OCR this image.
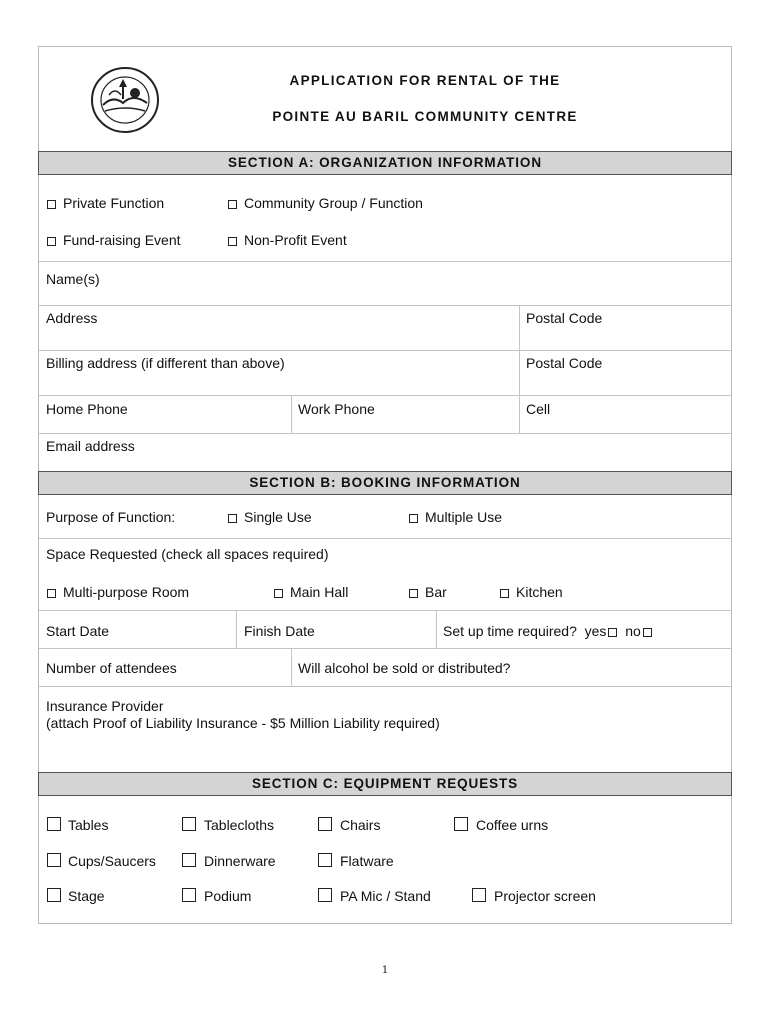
APPLICATION FOR RENTAL OF THE
POINTE AU BARIL COMMUNITY CENTRE
SECTION A: ORGANIZATION INFORMATION
Private Function	Community Group / Function
Fund-raising Event	Non-Profit Event
Name(s)
Address	Postal Code
Billing address (if different than above)	Postal Code
Home Phone	Work Phone	Cell
Email address
SECTION B: BOOKING INFORMATION
Purpose of Function:	Single Use	Multiple Use
Space Requested (check all spaces required)
Multi-purpose Room	Main Hall	Bar	Kitchen
Start Date	Finish Date	Set up time required? yes no
Number of attendees	Will alcohol be sold or distributed?
Insurance Provider
(attach Proof of Liability Insurance - $5 Million Liability required)
SECTION C: EQUIPMENT REQUESTS
Tables	Tablecloths	Chairs	Coffee urns
Cups/Saucers	Dinnerware	Flatware
Stage	Podium	PA Mic / Stand	Projector screen
1
